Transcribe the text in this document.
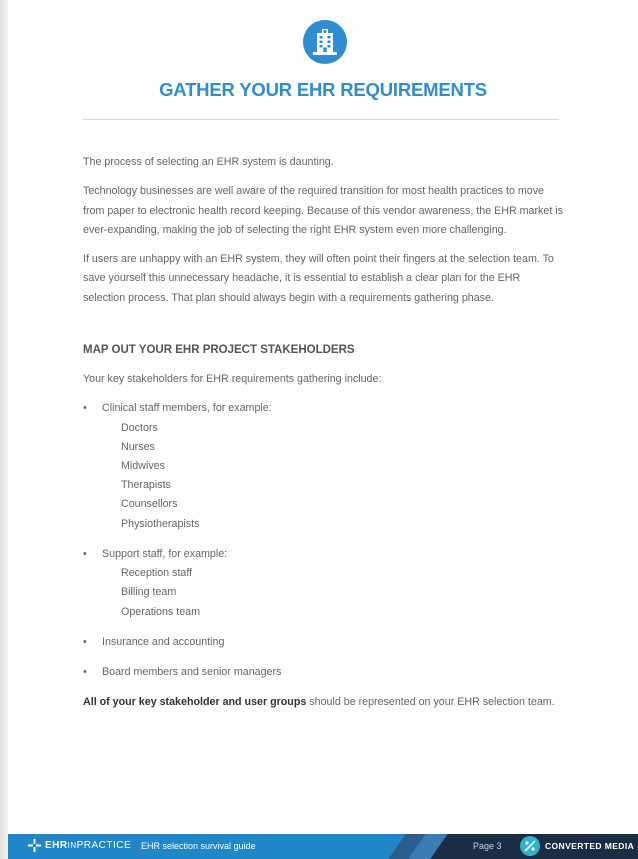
GATHER YOUR EHR REQUIREMENTS

The process of selecting an EHR system is daunting.

Technology businesses are well aware of the required transition for most health practices to move from paper to electronic health record keeping. Because of this vendor awareness, the EHR market is ever-expanding, making the job of selecting the right EHR system even more challenging.

If users are unhappy with an EHR system, they will often point their fingers at the selection team. To save yourself this unnecessary headache, it is essential to establish a clear plan for the EHR selection process. That plan should always begin with a requirements gathering phase.

MAP OUT YOUR EHR PROJECT STAKEHOLDERS

Your key stakeholders for EHR requirements gathering include:

• Clinical staff members, for example:
Doctors
Nurses
Midwives
Therapists
Counsellors
Physiotherapists
• Support staff, for example:
Reception staff
Billing team
Operations team
• Insurance and accounting
• Board members and senior managers

All of your key stakeholder and user groups should be represented on your EHR selection team.

EHRINPRACTICE EHR selection survival guide	Page 3	CONVERTED MEDIA
